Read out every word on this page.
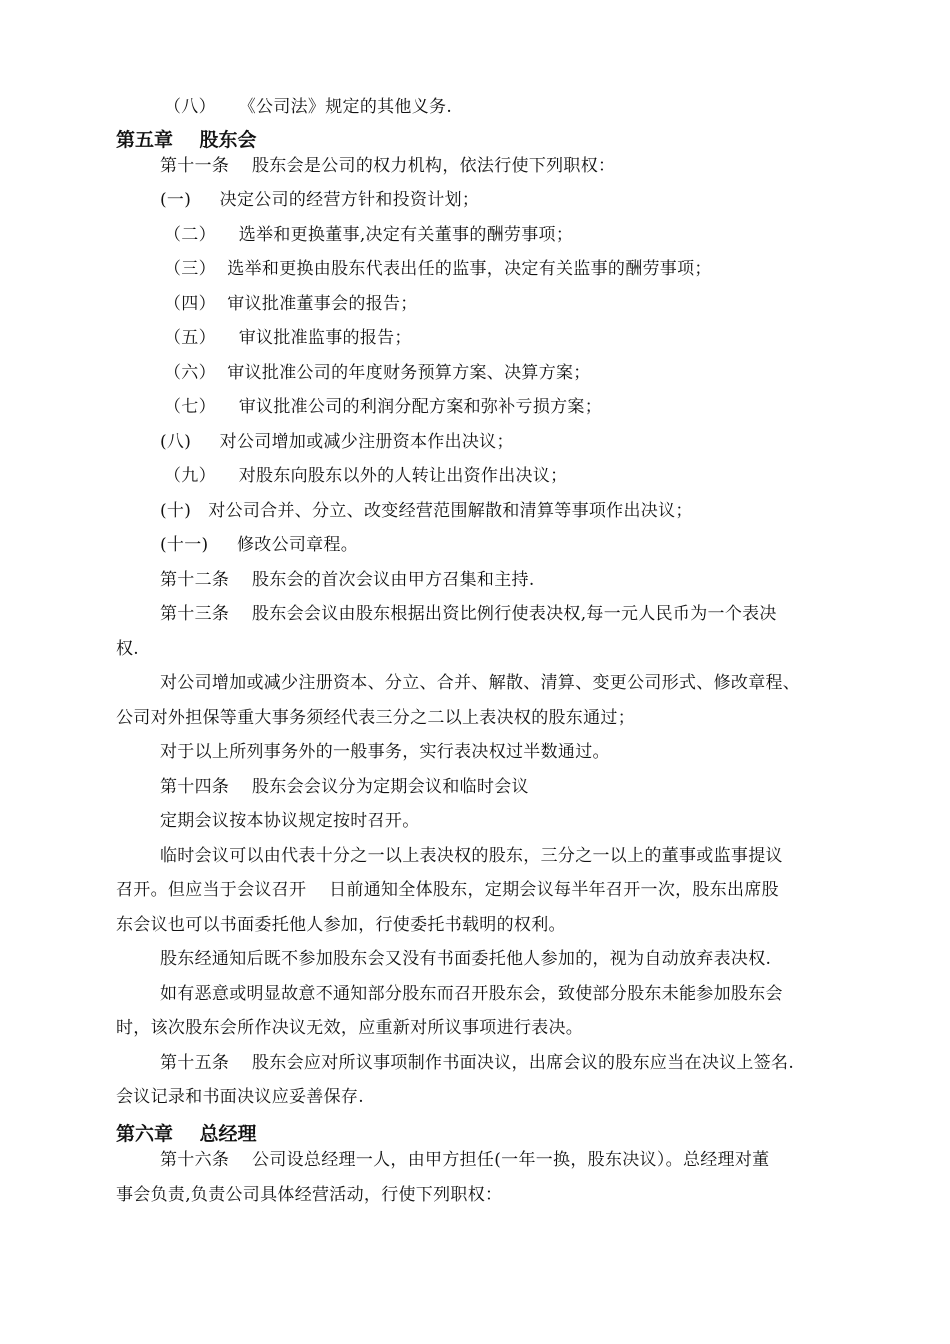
（八）    《公司法》规定的其他义务.
第五章    股东会
第十一条    股东会是公司的权力机构，依法行使下列职权：
(一)     决定公司的经营方针和投资计划；
（二）    选举和更换董事,决定有关董事的酬劳事项；
（三）  选举和更换由股东代表出任的监事，决定有关监事的酬劳事项；
（四）  审议批准董事会的报告；
（五）    审议批准监事的报告；
（六）  审议批准公司的年度财务预算方案、决算方案；
（七）    审议批准公司的利润分配方案和弥补亏损方案；
(八)     对公司增加或减少注册资本作出决议；
（九）    对股东向股东以外的人转让出资作出决议；
(十)   对公司合并、分立、改变经营范围解散和清算等事项作出决议；
(十一)     修改公司章程。
第十二条    股东会的首次会议由甲方召集和主持.
第十三条    股东会会议由股东根据出资比例行使表决权,每一元人民币为一个表决
权.
对公司增加或减少注册资本、分立、合并、解散、清算、变更公司形式、修改章程、
公司对外担保等重大事务须经代表三分之二以上表决权的股东通过；
对于以上所列事务外的一般事务，实行表决权过半数通过。
第十四条    股东会会议分为定期会议和临时会议
定期会议按本协议规定按时召开。
临时会议可以由代表十分之一以上表决权的股东，三分之一以上的董事或监事提议
召开。但应当于会议召开    日前通知全体股东，定期会议每半年召开一次，股东出席股
东会议也可以书面委托他人参加，行使委托书载明的权利。
股东经通知后既不参加股东会又没有书面委托他人参加的，视为自动放弃表决权.
如有恶意或明显故意不通知部分股东而召开股东会，致使部分股东未能参加股东会
时，该次股东会所作决议无效，应重新对所议事项进行表决。
第十五条    股东会应对所议事项制作书面决议，出席会议的股东应当在决议上签名.
会议记录和书面决议应妥善保存.
第六章    总经理
第十六条    公司设总经理一人，由甲方担任(一年一换，股东决议）。总经理对董
事会负责,负责公司具体经营活动，行使下列职权：
